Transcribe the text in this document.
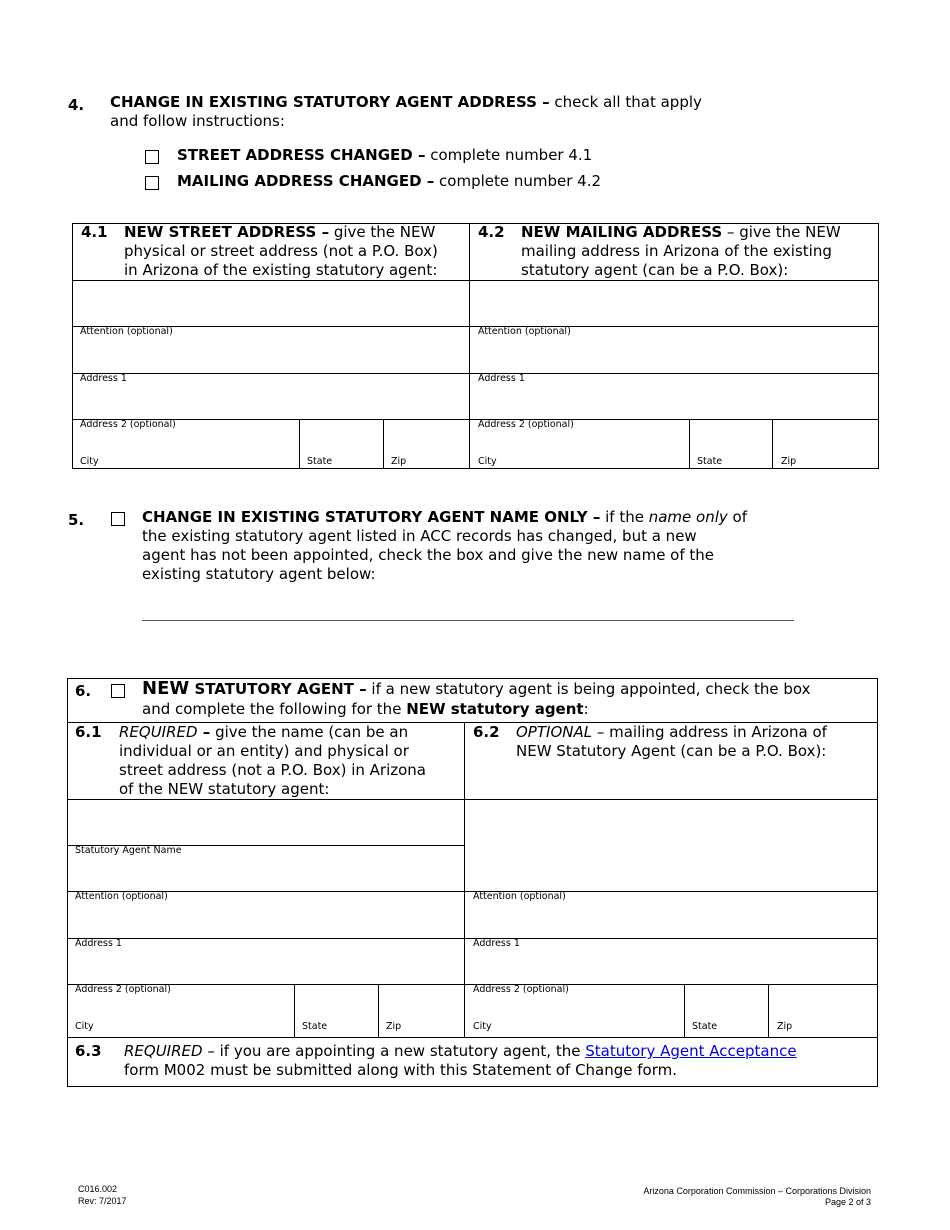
4. CHANGE IN EXISTING STATUTORY AGENT ADDRESS – check all that apply
and follow instructions:
STREET ADDRESS CHANGED – complete number 4.1
MAILING ADDRESS CHANGED – complete number 4.2
4.1 NEW STREET ADDRESS – give the NEW
physical or street address (not a P.O. Box)
in Arizona of the existing statutory agent:
4.2 NEW MAILING ADDRESS – give the NEW
mailing address in Arizona of the existing
statutory agent (can be a P.O. Box):
Attention (optional)
Address 1
Address 2 (optional)
City	State	Zip
Attention (optional)
Address 1
Address 2 (optional)
City	State	Zip
5.	CHANGE IN EXISTING STATUTORY AGENT NAME ONLY – if the name only of
the existing statutory agent listed in ACC records has changed, but a new
agent has not been appointed, check the box and give the new name of the
existing statutory agent below:
6.	NEW STATUTORY AGENT – if a new statutory agent is being appointed, check the box
and complete the following for the NEW statutory agent:
6.1 REQUIRED – give the name (can be an
individual or an entity) and physical or
street address (not a P.O. Box) in Arizona
of the NEW statutory agent:
6.2 OPTIONAL – mailing address in Arizona of
NEW Statutory Agent (can be a P.O. Box):
Statutory Agent Name
Attention (optional)
Address 1
Address 2 (optional)
City	State	Zip
Attention (optional)
Address 1
Address 2 (optional)
City	State	Zip
6.3 REQUIRED – if you are appointing a new statutory agent, the Statutory Agent Acceptance
form M002 must be submitted along with this Statement of Change form.
C016.002
Rev: 7/2017
Arizona Corporation Commission – Corporations Division
Page 2 of 3
